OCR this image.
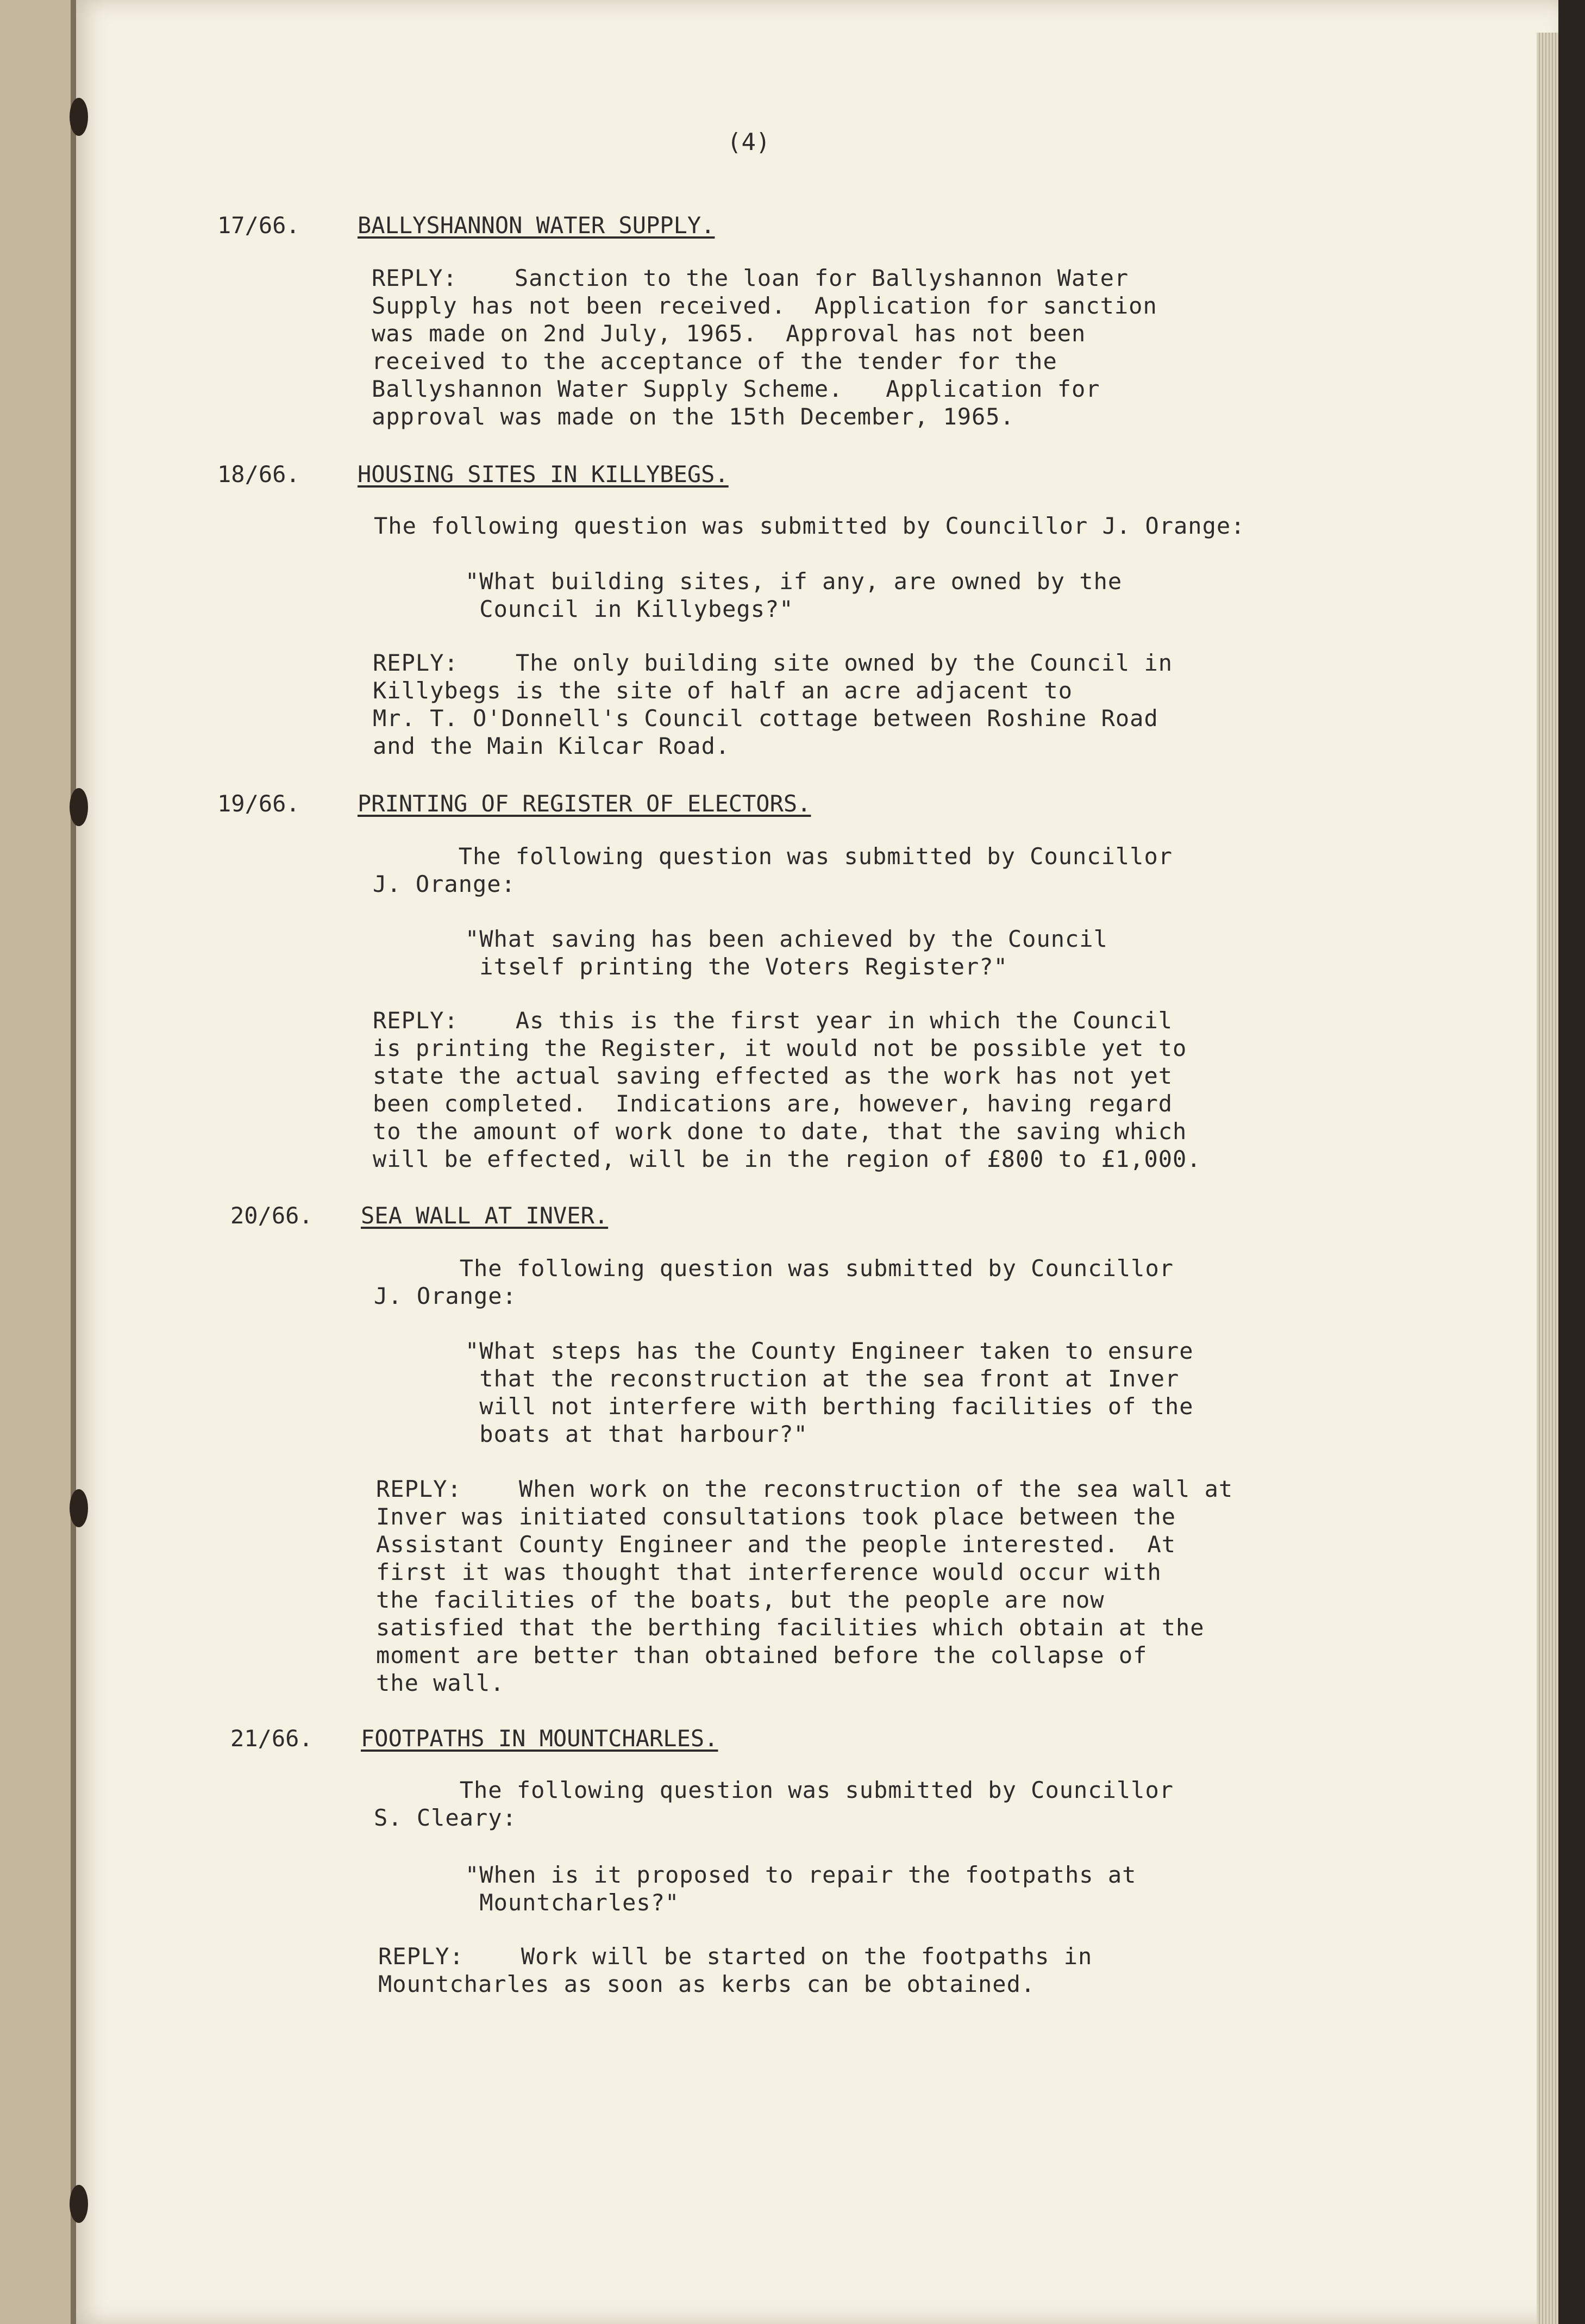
(4)
17/66.	BALLYSHANNON WATER SUPPLY.
REPLY:    Sanction to the loan for Ballyshannon Water
Supply has not been received.  Application for sanction
was made on 2nd July, 1965.  Approval has not been
received to the acceptance of the tender for the
Ballyshannon Water Supply Scheme.   Application for
approval was made on the 15th December, 1965.
18/66.	HOUSING SITES IN KILLYBEGS.
The following question was submitted by Councillor J. Orange:
"What building sites, if any, are owned by the
Council in Killybegs?"
REPLY:    The only building site owned by the Council in
Killybegs is the site of half an acre adjacent to
Mr. T. O'Donnell's Council cottage between Roshine Road
and the Main Kilcar Road.
19/66.	PRINTING OF REGISTER OF ELECTORS.
The following question was submitted by Councillor
J. Orange:
"What saving has been achieved by the Council
itself printing the Voters Register?"
REPLY:    As this is the first year in which the Council
is printing the Register, it would not be possible yet to
state the actual saving effected as the work has not yet
been completed.  Indications are, however, having regard
to the amount of work done to date, that the saving which
will be effected, will be in the region of £800 to £1,000.
20/66. SEA WALL AT INVER.
The following question was submitted by Councillor
J. Orange:
"What steps has the County Engineer taken to ensure
that the reconstruction at the sea front at Inver
will not interfere with berthing facilities of the
boats at that harbour?"
REPLY:    When work on the reconstruction of the sea wall at
Inver was initiated consultations took place between the
Assistant County Engineer and the people interested.  At
first it was thought that interference would occur with
the facilities of the boats, but the people are now
satisfied that the berthing facilities which obtain at the
moment are better than obtained before the collapse of
the wall.
21/66. FOOTPATHS IN MOUNTCHARLES.
The following question was submitted by Councillor
S. Cleary:
"When is it proposed to repair the footpaths at
Mountcharles?"
REPLY:    Work will be started on the footpaths in
Mountcharles as soon as kerbs can be obtained.
